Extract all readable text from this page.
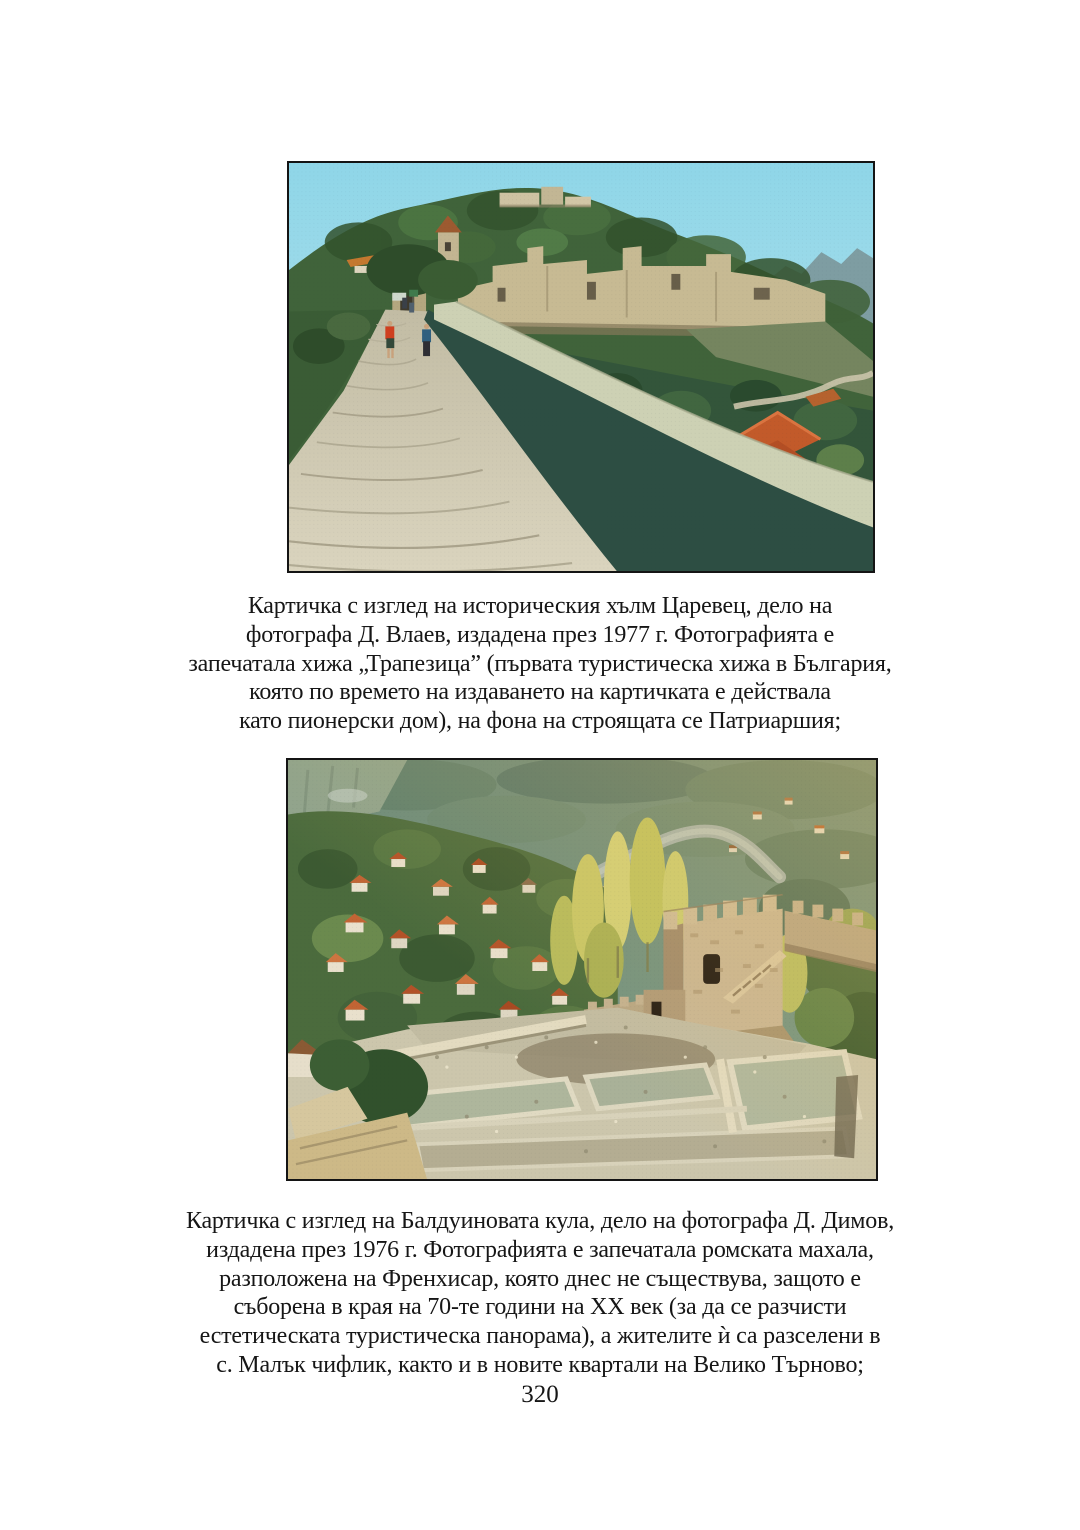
Картичка с изглед на историческия хълм Царевец, дело на
фотографа Д. Влаев, издадена през 1977 г. Фотографията е
запечатала хижа „Трапезица” (първата туристическа хижа в България,
която по времето на издаването на картичката е действала
като пионерски дом), на фона на строящата се Патриаршия;

Картичка с изглед на Балдуиновата кула, дело на фотографа Д. Димов,
издадена през 1976 г. Фотографията е запечатала ромската махала,
разположена на Френхисар, която днес не съществува, защото е
съборена в края на 70-те години на ХХ век (за да се разчисти
естетическата туристическа панорама), а жителите ѝ са разселени в
с. Малък чифлик, както и в новите квартали на Велико Търново;

320
